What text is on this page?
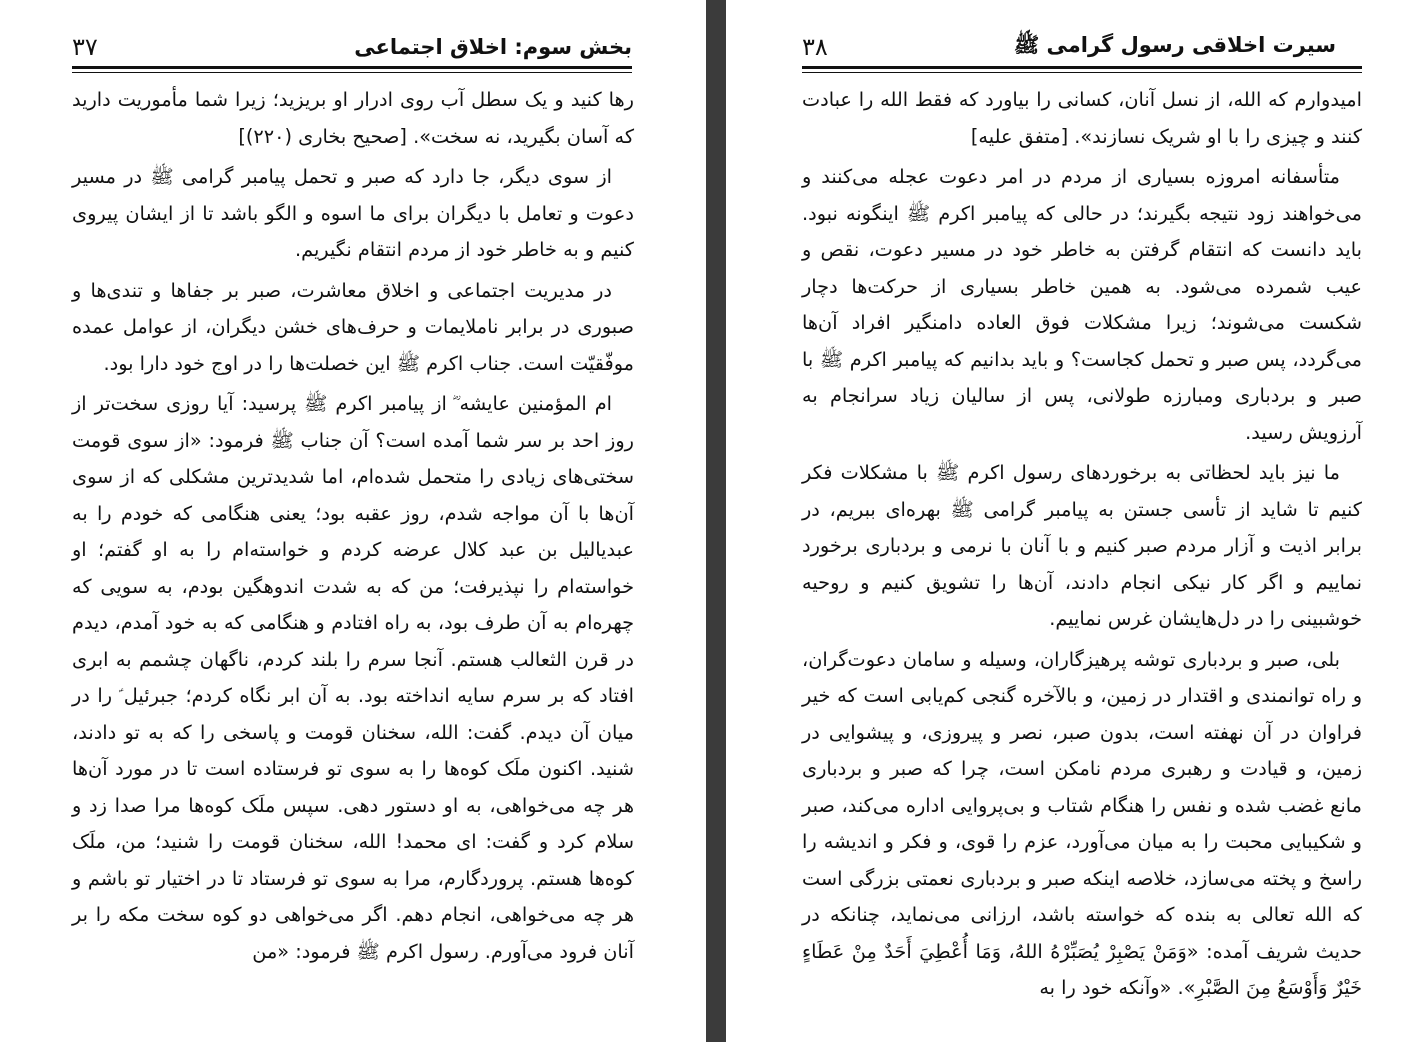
بخش سوم: اخلاق اجتماعی
۳۷

رها کنید و یک سطل آب روی ادرار او بریزید؛ زیرا شما مأموریت دارید که آسان بگیرید، نه سخت». [صحیح بخاری (۲۲۰)]

از سوی دیگر، جا دارد که صبر و تحمل پیامبر گرامی ﷺ در مسیر دعوت و تعامل با دیگران برای ما اسوه و الگو باشد تا از ایشان پیروی کنیم و به خاطر خود از مردم انتقام نگیریم.

در مدیریت اجتماعی و اخلاق معاشرت، صبر بر جفاها و تندی‌ها و صبوری در برابر ناملایمات و حرف‌های خشن دیگران، از عوامل عمده موفّقیّت است. جناب اکرم ﷺ این خصلت‌ها را در اوج خود دارا بود.

ام المؤمنین عایشه ؓ از پیامبر اکرم ﷺ پرسید: آیا روزی سخت‌تر از روز احد بر سر شما آمده است؟ آن جناب ﷺ فرمود: «از سوی قومت سختی‌های زیادی را متحمل شده‌ام، اما شدیدترین مشکلی که از سوی آن‌ها با آن مواجه شدم، روز عقبه بود؛ یعنی هنگامی که خودم را به عبدیالیل بن عبد کلال عرضه کردم و خواسته‌ام را به او گفتم؛ او خواسته‌ام را نپذیرفت؛ من که به شدت اندوهگین بودم، به سویی که چهره‌ام به آن طرف بود، به راه افتادم و هنگامی که به خود آمدم، دیدم در قرن الثعالب هستم. آنجا سرم را بلند کردم، ناگهان چشمم به ابری افتاد که بر سرم سایه انداخته بود. به آن ابر نگاه کردم؛ جبرئیل ؑ را در میان آن دیدم. گفت: الله، سخنان قومت و پاسخی را که به تو دادند، شنید. اکنون ملَک کوه‌ها را به سوی تو فرستاده است تا در مورد آن‌ها هر چه می‌خواهی، به او دستور دهی. سپس ملَک کوه‌ها مرا صدا زد و سلام کرد و گفت: ای محمد! الله، سخنان قومت را شنید؛ من، ملَک کوه‌ها هستم. پروردگارم، مرا به سوی تو فرستاد تا در اختیار تو باشم و هر چه می‌خواهی، انجام دهم. اگر می‌خواهی دو کوه سخت مکه را بر آنان فرود می‌آورم. رسول اکرم ﷺ فرمود: «من

سیرت اخلاقی رسول گرامی ﷺ
۳۸

امیدوارم که الله، از نسل آنان، کسانی را بیاورد که فقط الله را عبادت کنند و چیزی را با او شریک نسازند». [متفق علیه]

متأسفانه امروزه بسیاری از مردم در امر دعوت عجله می‌کنند و می‌خواهند زود نتیجه بگیرند؛ در حالی که پیامبر اکرم ﷺ اینگونه نبود. باید دانست که انتقام گرفتن به خاطر خود در مسیر دعوت، نقص و عیب شمرده می‌شود. به همین خاطر بسیاری از حرکت‌ها دچار شکست می‌شوند؛ زیرا مشکلات فوق العاده دامنگیر افراد آن‌ها می‌گردد، پس صبر و تحمل کجاست؟ و باید بدانیم که پیامبر اکرم ﷺ با صبر و بردباری ومبارزه طولانی، پس از سالیان زیاد سرانجام به آرزویش رسید.

ما نیز باید لحظاتی به برخوردهای رسول اکرم ﷺ با مشکلات فکر کنیم تا شاید از تأسی جستن به پیامبر گرامی ﷺ بهره‌ای ببریم، در برابر اذیت و آزار مردم صبر کنیم و با آنان با نرمی و بردباری برخورد نماییم و اگر کار نیکی انجام دادند، آن‌ها را تشویق کنیم و روحیه خوشبینی را در دل‌هایشان غرس نماییم.

بلی، صبر و بردباری توشه پرهیزگاران، وسیله و سامان دعوت‌گران، و راه توانمندی و اقتدار در زمین، و بالآخره گنجی کم‌یابی است که خیر فراوان در آن نهفته است، بدون صبر، نصر و پیروزی، و پیشوایی در زمین، و قیادت و رهبری مردم نامکن است، چرا که صبر و بردباری مانع غضب شده و نفس را هنگام شتاب و بی‌پروایی اداره می‌کند، صبر و شکیبایی محبت را به میان می‌آورد، عزم را قوی، و فکر و اندیشه را راسخ و پخته می‌سازد، خلاصه اینکه صبر و بردباری نعمتی بزرگی است که الله تعالی به بنده که خواسته باشد، ارزانی می‌نماید، چنانکه در حدیث شریف آمده: «وَمَنْ يَصْبِرْ يُصَبِّرْهُ اللهُ، وَمَا أُعْطِيَ أَحَدٌ مِنْ عَطَاءٍ خَيْرٌ وَأَوْسَعُ مِنَ الصَّبْرِ». «وآنکه خود را به
